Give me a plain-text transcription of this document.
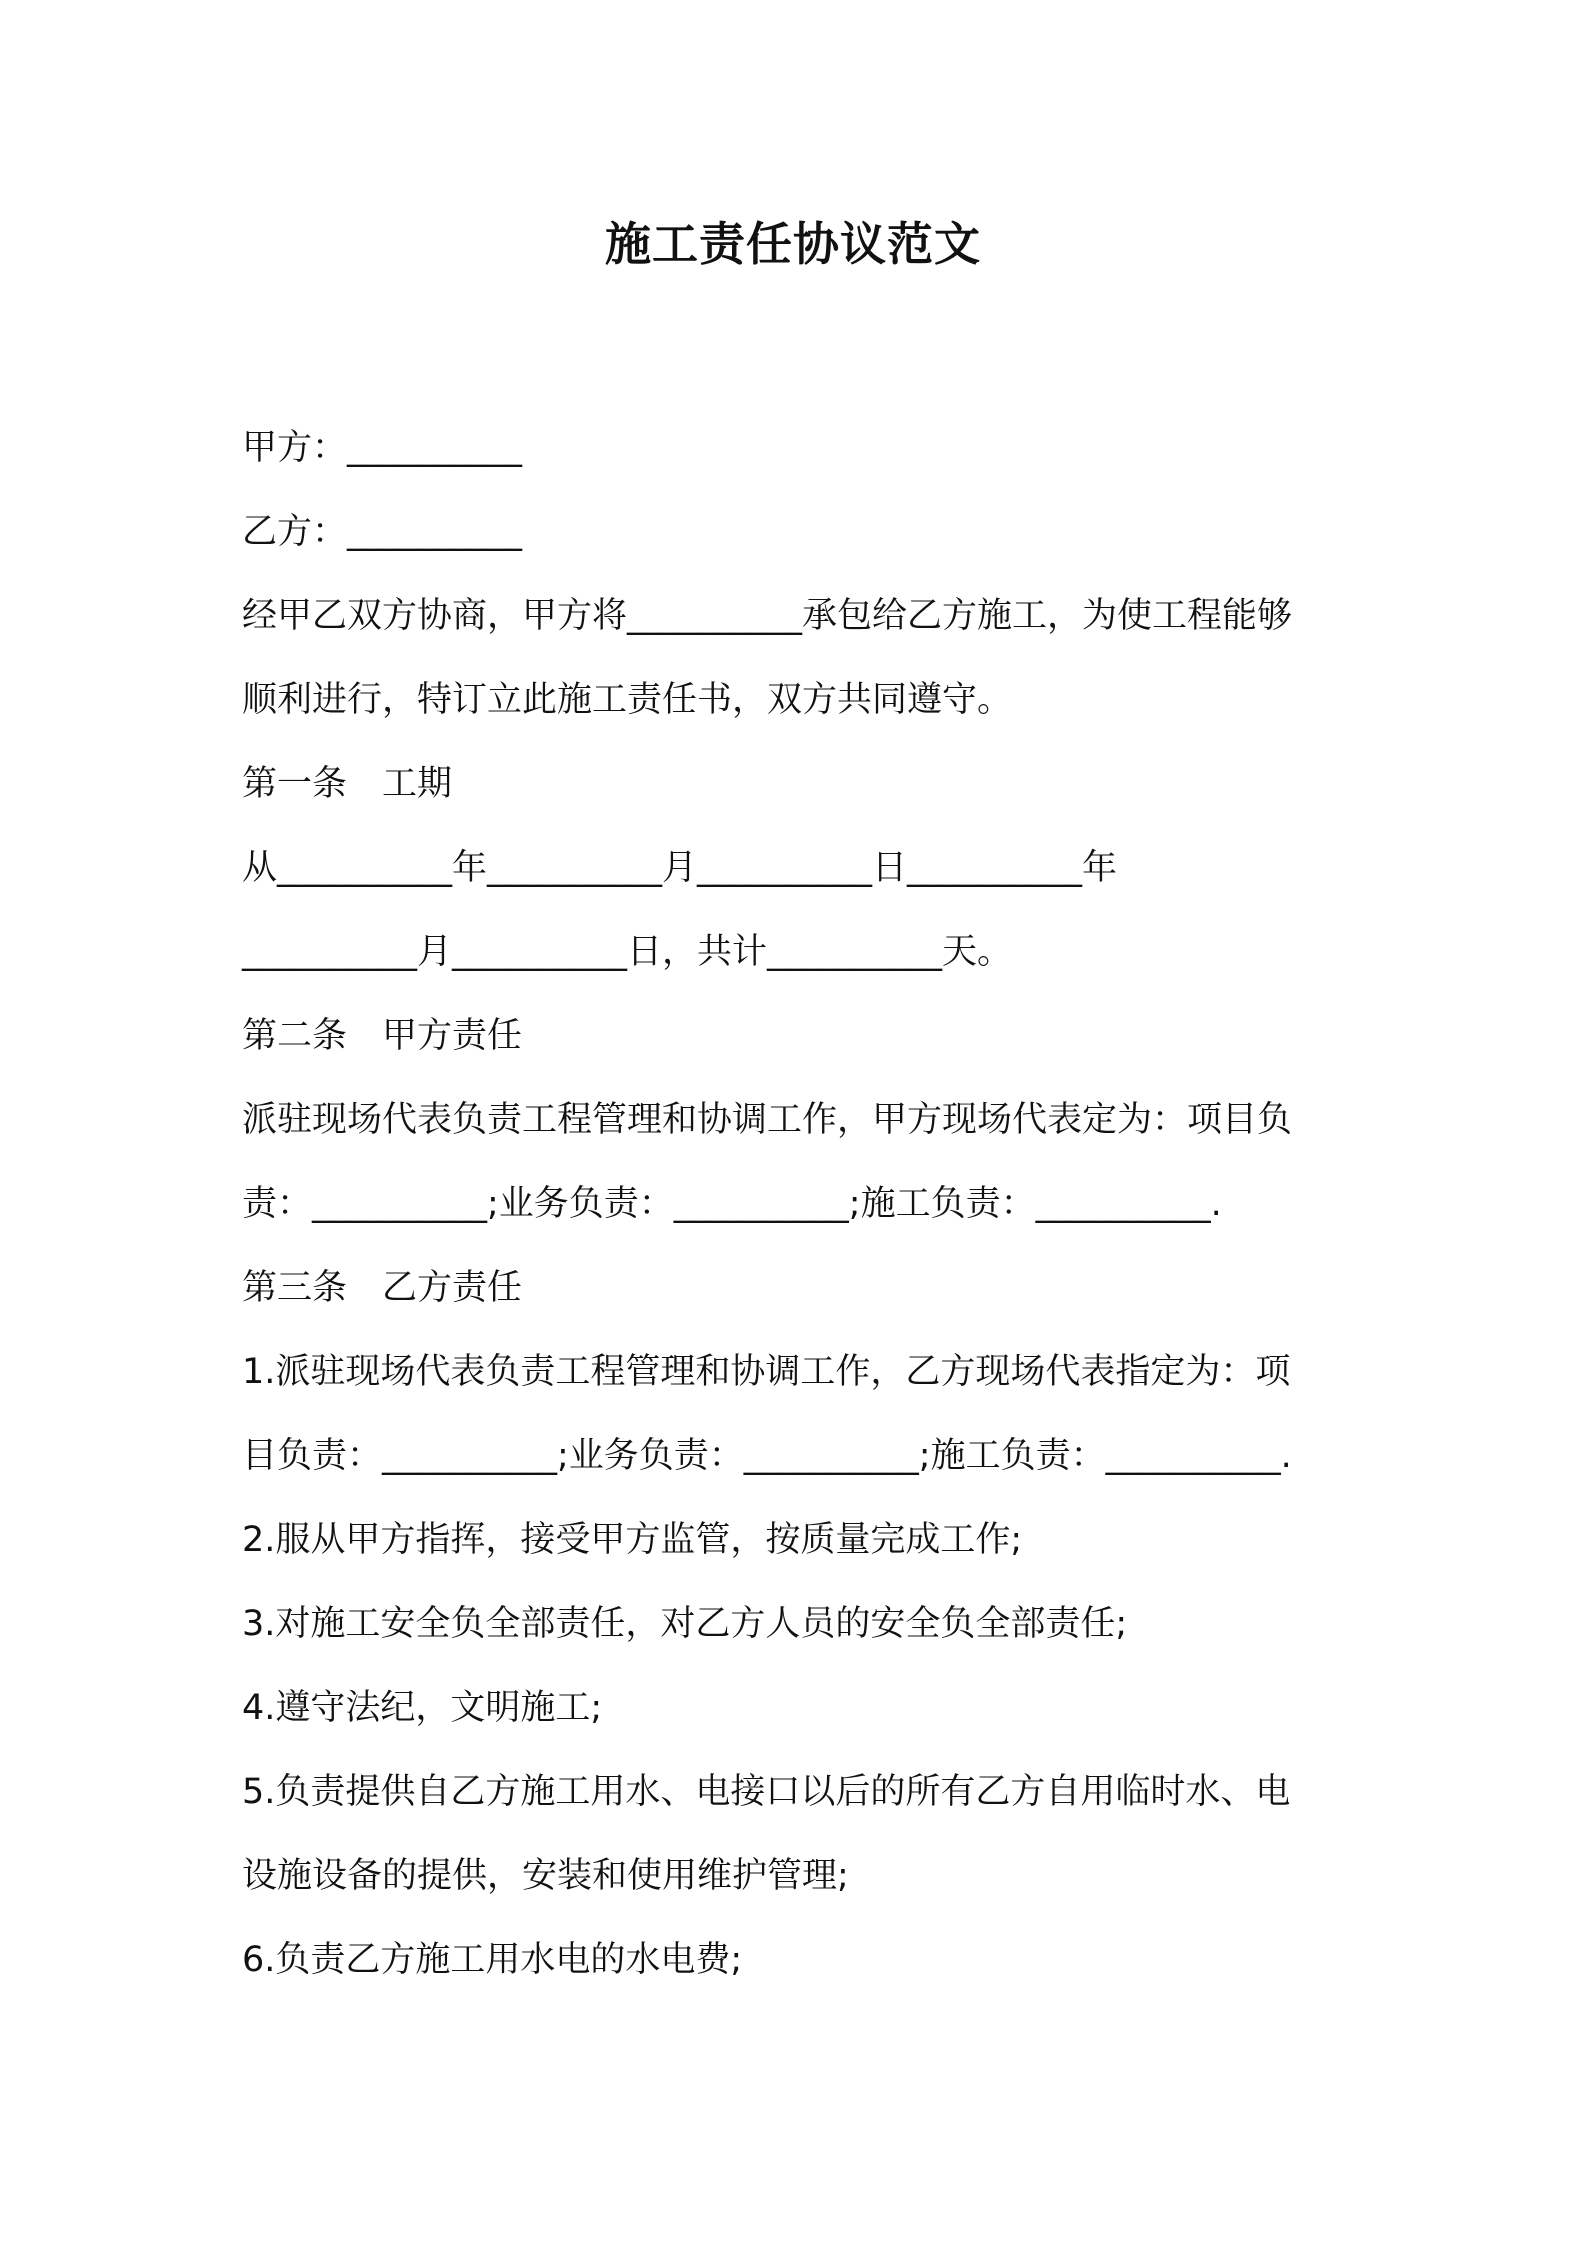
施工责任协议范文

甲方：__________

乙方：__________

经甲乙双方协商，甲方将__________承包给乙方施工，为使工程能够

顺利进行，特订立此施工责任书，双方共同遵守。

第一条　工期

从__________年__________月__________日__________年

__________月__________日，共计__________天。

第二条　甲方责任

派驻现场代表负责工程管理和协调工作，甲方现场代表定为：项目负

责：__________;业务负责：__________;施工负责：__________.

第三条　乙方责任

1.派驻现场代表负责工程管理和协调工作，乙方现场代表指定为：项

目负责：__________;业务负责：__________;施工负责：__________.

2.服从甲方指挥，接受甲方监管，按质量完成工作;

3.对施工安全负全部责任，对乙方人员的安全负全部责任;

4.遵守法纪，文明施工;

5.负责提供自乙方施工用水、电接口以后的所有乙方自用临时水、电

设施设备的提供，安装和使用维护管理;

6.负责乙方施工用水电的水电费;
